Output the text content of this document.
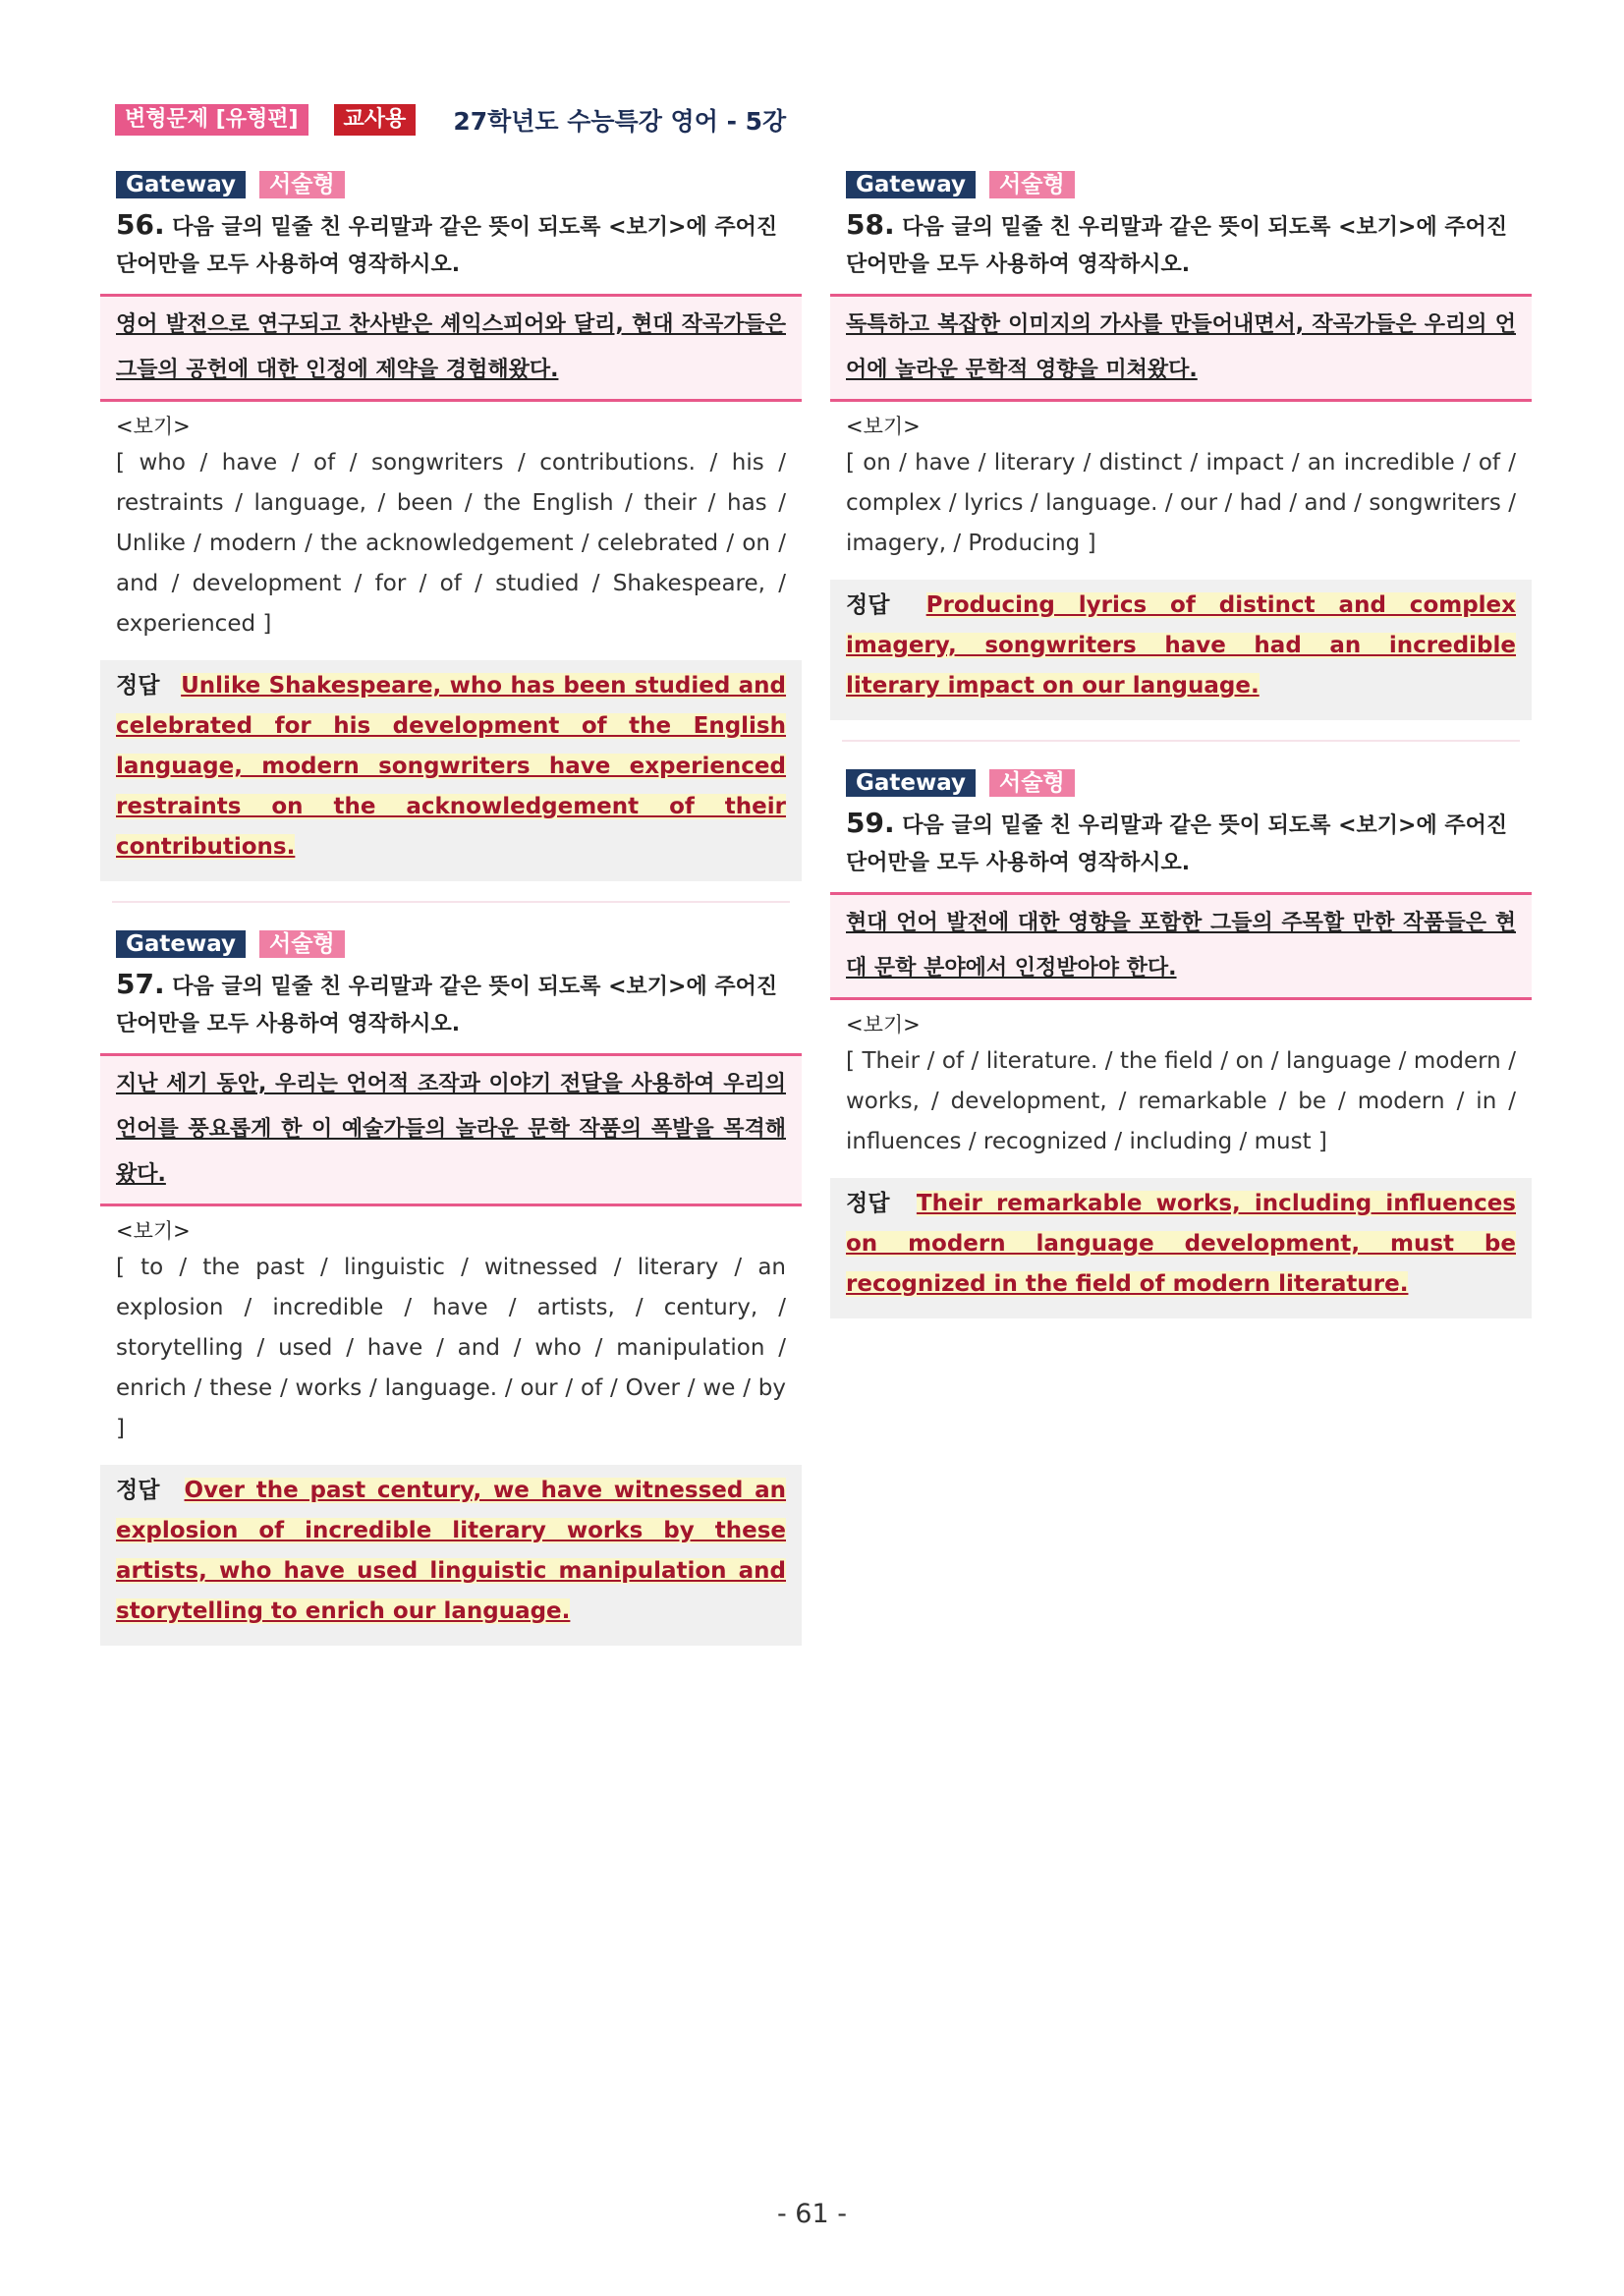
변형문제 [유형편]	교사용	27학년도 수능특강 영어 - 5강
Gateway	서술형
56. 다음 글의 밑줄 친 우리말과 같은 뜻이 되도록 <보기>에 주어진 단어만을 모두 사용하여 영작하시오.
영어 발전으로 연구되고 찬사받은 셰익스피어와 달리, 현대 작곡가들은 그들의 공헌에 대한 인정에 제약을 경험해왔다.
<보기>
[ who / have / of / songwriters / contributions. / his / restraints / language, / been / the English / their / has / Unlike / modern / the acknowledgement / celebrated / on / and / development / for / of / studied / Shakespeare, / experienced ]
정답 Unlike Shakespeare, who has been studied and celebrated for his development of the English language, modern songwriters have experienced restraints on the acknowledgement of their contributions.
Gateway	서술형
57. 다음 글의 밑줄 친 우리말과 같은 뜻이 되도록 <보기>에 주어진 단어만을 모두 사용하여 영작하시오.
지난 세기 동안, 우리는 언어적 조작과 이야기 전달을 사용하여 우리의 언어를 풍요롭게 한 이 예술가들의 놀라운 문학 작품의 폭발을 목격해왔다.
<보기>
[ to / the past / linguistic / witnessed / literary / an explosion / incredible / have / artists, / century, / storytelling / used / have / and / who / manipulation / enrich / these / works / language. / our / of / Over / we / by ]
정답 Over the past century, we have witnessed an explosion of incredible literary works by these artists, who have used linguistic manipulation and storytelling to enrich our language.
Gateway	서술형
58. 다음 글의 밑줄 친 우리말과 같은 뜻이 되도록 <보기>에 주어진 단어만을 모두 사용하여 영작하시오.
독특하고 복잡한 이미지의 가사를 만들어내면서, 작곡가들은 우리의 언어에 놀라운 문학적 영향을 미쳐왔다.
<보기>
[ on / have / literary / distinct / impact / an incredible / of / complex / lyrics / language. / our / had / and / songwriters / imagery, / Producing ]
정답 Producing lyrics of distinct and complex imagery, songwriters have had an incredible literary impact on our language.
Gateway	서술형
59. 다음 글의 밑줄 친 우리말과 같은 뜻이 되도록 <보기>에 주어진 단어만을 모두 사용하여 영작하시오.
현대 언어 발전에 대한 영향을 포함한 그들의 주목할 만한 작품들은 현대 문학 분야에서 인정받아야 한다.
<보기>
[ Their / of / literature. / the field / on / language / modern / works, / development, / remarkable / be / modern / in / influences / recognized / including / must ]
정답 Their remarkable works, including influences on modern language development, must be recognized in the field of modern literature.
- 61 -
